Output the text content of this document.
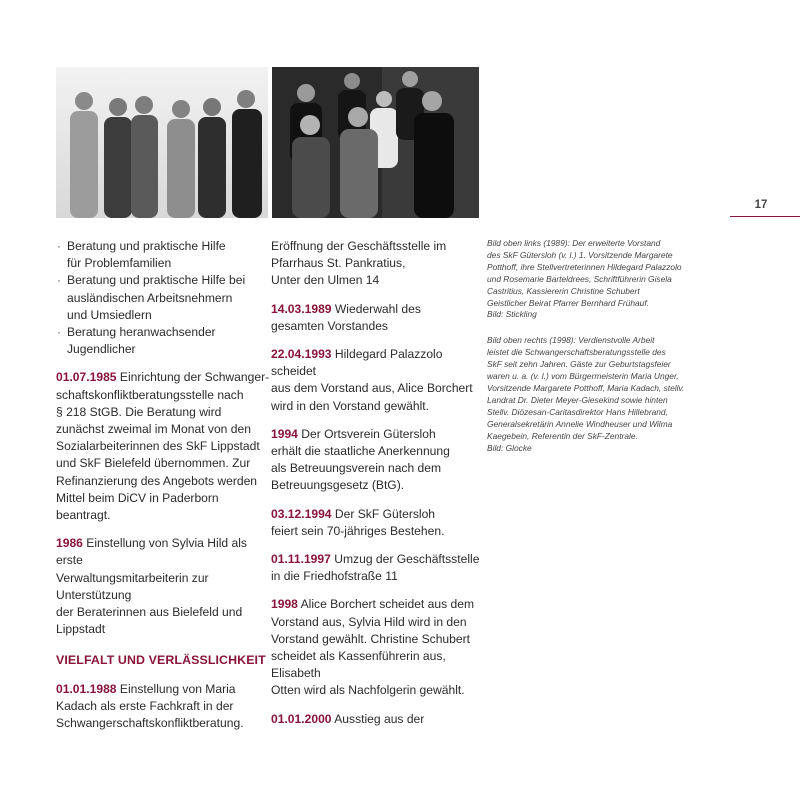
17
· Beratung und praktische Hilfe
für Problemfamilien
· Beratung und praktische Hilfe bei
ausländischen Arbeitsnehmern
und Umsiedlern
· Beratung heranwachsender
Jugendlicher

01.07.1985 Einrichtung der Schwanger-
schaftskonfliktberatungsstelle nach
§ 218 StGB. Die Beratung wird
zunächst zweimal im Monat von den
Sozialarbeiterinnen des SkF Lippstadt
und SkF Bielefeld übernommen. Zur
Refinanzierung des Angebots werden
Mittel beim DiCV in Paderborn
beantragt.

1986 Einstellung von Sylvia Hild als erste
Verwaltungsmitarbeiterin zur Unterstützung
der Beraterinnen aus Bielefeld und Lippstadt

VIELFALT UND VERLÄSSLICHKEIT

01.01.1988 Einstellung von Maria
Kadach als erste Fachkraft in der
Schwangerschaftskonfliktberatung.

Eröffnung der Geschäftsstelle im
Pfarrhaus St. Pankratius,
Unter den Ulmen 14

14.03.1989 Wiederwahl des
gesamten Vorstandes

22.04.1993 Hildegard Palazzolo scheidet
aus dem Vorstand aus, Alice Borchert
wird in den Vorstand gewählt.

1994 Der Ortsverein Gütersloh
erhält die staatliche Anerkennung
als Betreuungsverein nach dem
Betreuungsgesetz (BtG).

03.12.1994 Der SkF Gütersloh
feiert sein 70-jähriges Bestehen.

01.11.1997 Umzug der Geschäftsstelle
in die Friedhofstraße 11

1998 Alice Borchert scheidet aus dem
Vorstand aus, Sylvia Hild wird in den
Vorstand gewählt. Christine Schubert
scheidet als Kassenführerin aus, Elisabeth
Otten wird als Nachfolgerin gewählt.

01.01.2000 Ausstieg aus der

Bild oben links (1989): Der erweiterte Vorstand
des SkF Gütersloh (v. l.) 1. Vorsitzende Margarete
Potthoff, ihre Stellvertreterinnen Hildegard Palazzolo
und Rosemarie Barteldrees, Schriftführerin Gisela
Castritius, Kassiererin Christine Schubert
Geistlicher Beirat Pfarrer Bernhard Frühauf.
Bild: Stickling

Bild oben rechts (1998): Verdienstvolle Arbeit
leistet die Schwangerschaftsberatungsstelle des
SkF seit zehn Jahren. Gäste zur Geburtstagsfeier
waren u. a. (v. l.) vom Bürgermeisterin Maria Unger,
Vorsitzende Margarete Potthoff, Maria Kadach, stellv.
Landrat Dr. Dieter Meyer-Giesekind sowie hinten
Stellv. Diözesan-Caritasdirektor Hans Hillebrand,
Generalsekretärin Annelie Windheuser und Wilma
Kaegebein, Referentin der SkF-Zentrale.
Bild: Glocke
